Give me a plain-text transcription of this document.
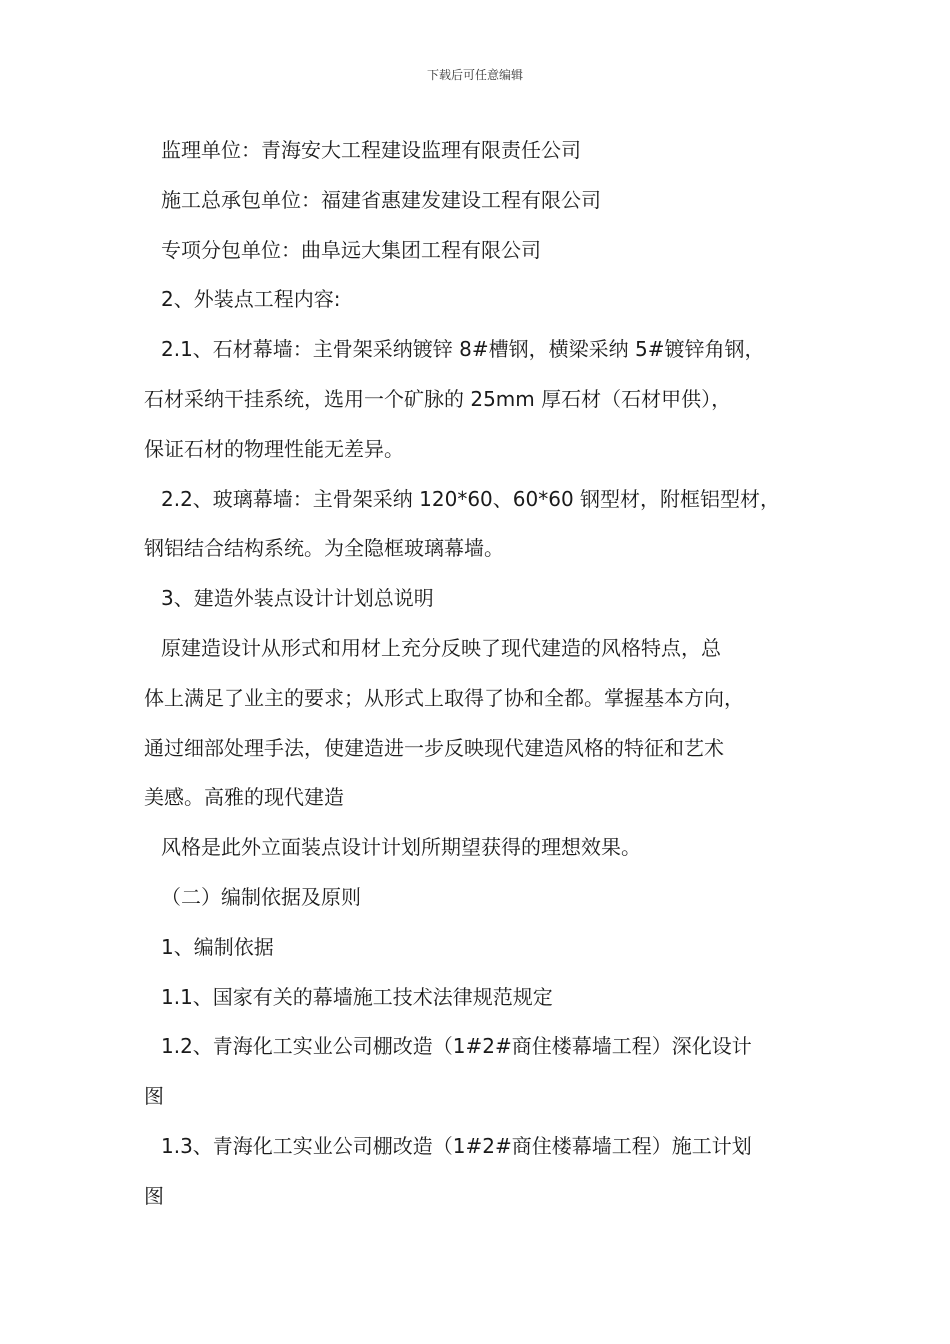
下载后可任意编辑

监理单位：青海安大工程建设监理有限责任公司

施工总承包单位：福建省惠建发建设工程有限公司

专项分包单位：曲阜远大集团工程有限公司

2、外装点工程内容:

2.1、石材幕墙：主骨架采纳镀锌 8#槽钢，横梁采纳 5#镀锌角钢，
石材采纳干挂系统，选用一个矿脉的 25mm 厚石材（石材甲供），
保证石材的物理性能无差异。

2.2、玻璃幕墙：主骨架采纳 120*60、60*60 钢型材，附框铝型材，
钢铝结合结构系统。为全隐框玻璃幕墙。

3、建造外装点设计计划总说明

原建造设计从形式和用材上充分反映了现代建造的风格特点，总
体上满足了业主的要求；从形式上取得了协和全都。掌握基本方向，
通过细部处理手法，使建造进一步反映现代建造风格的特征和艺术
美感。高雅的现代建造

风格是此外立面装点设计计划所期望获得的理想效果。

（二）编制依据及原则

1、编制依据

1.1、国家有关的幕墙施工技术法律规范规定

1.2、青海化工实业公司棚改造（1#2#商住楼幕墙工程）深化设计
图

1.3、青海化工实业公司棚改造（1#2#商住楼幕墙工程）施工计划
图
